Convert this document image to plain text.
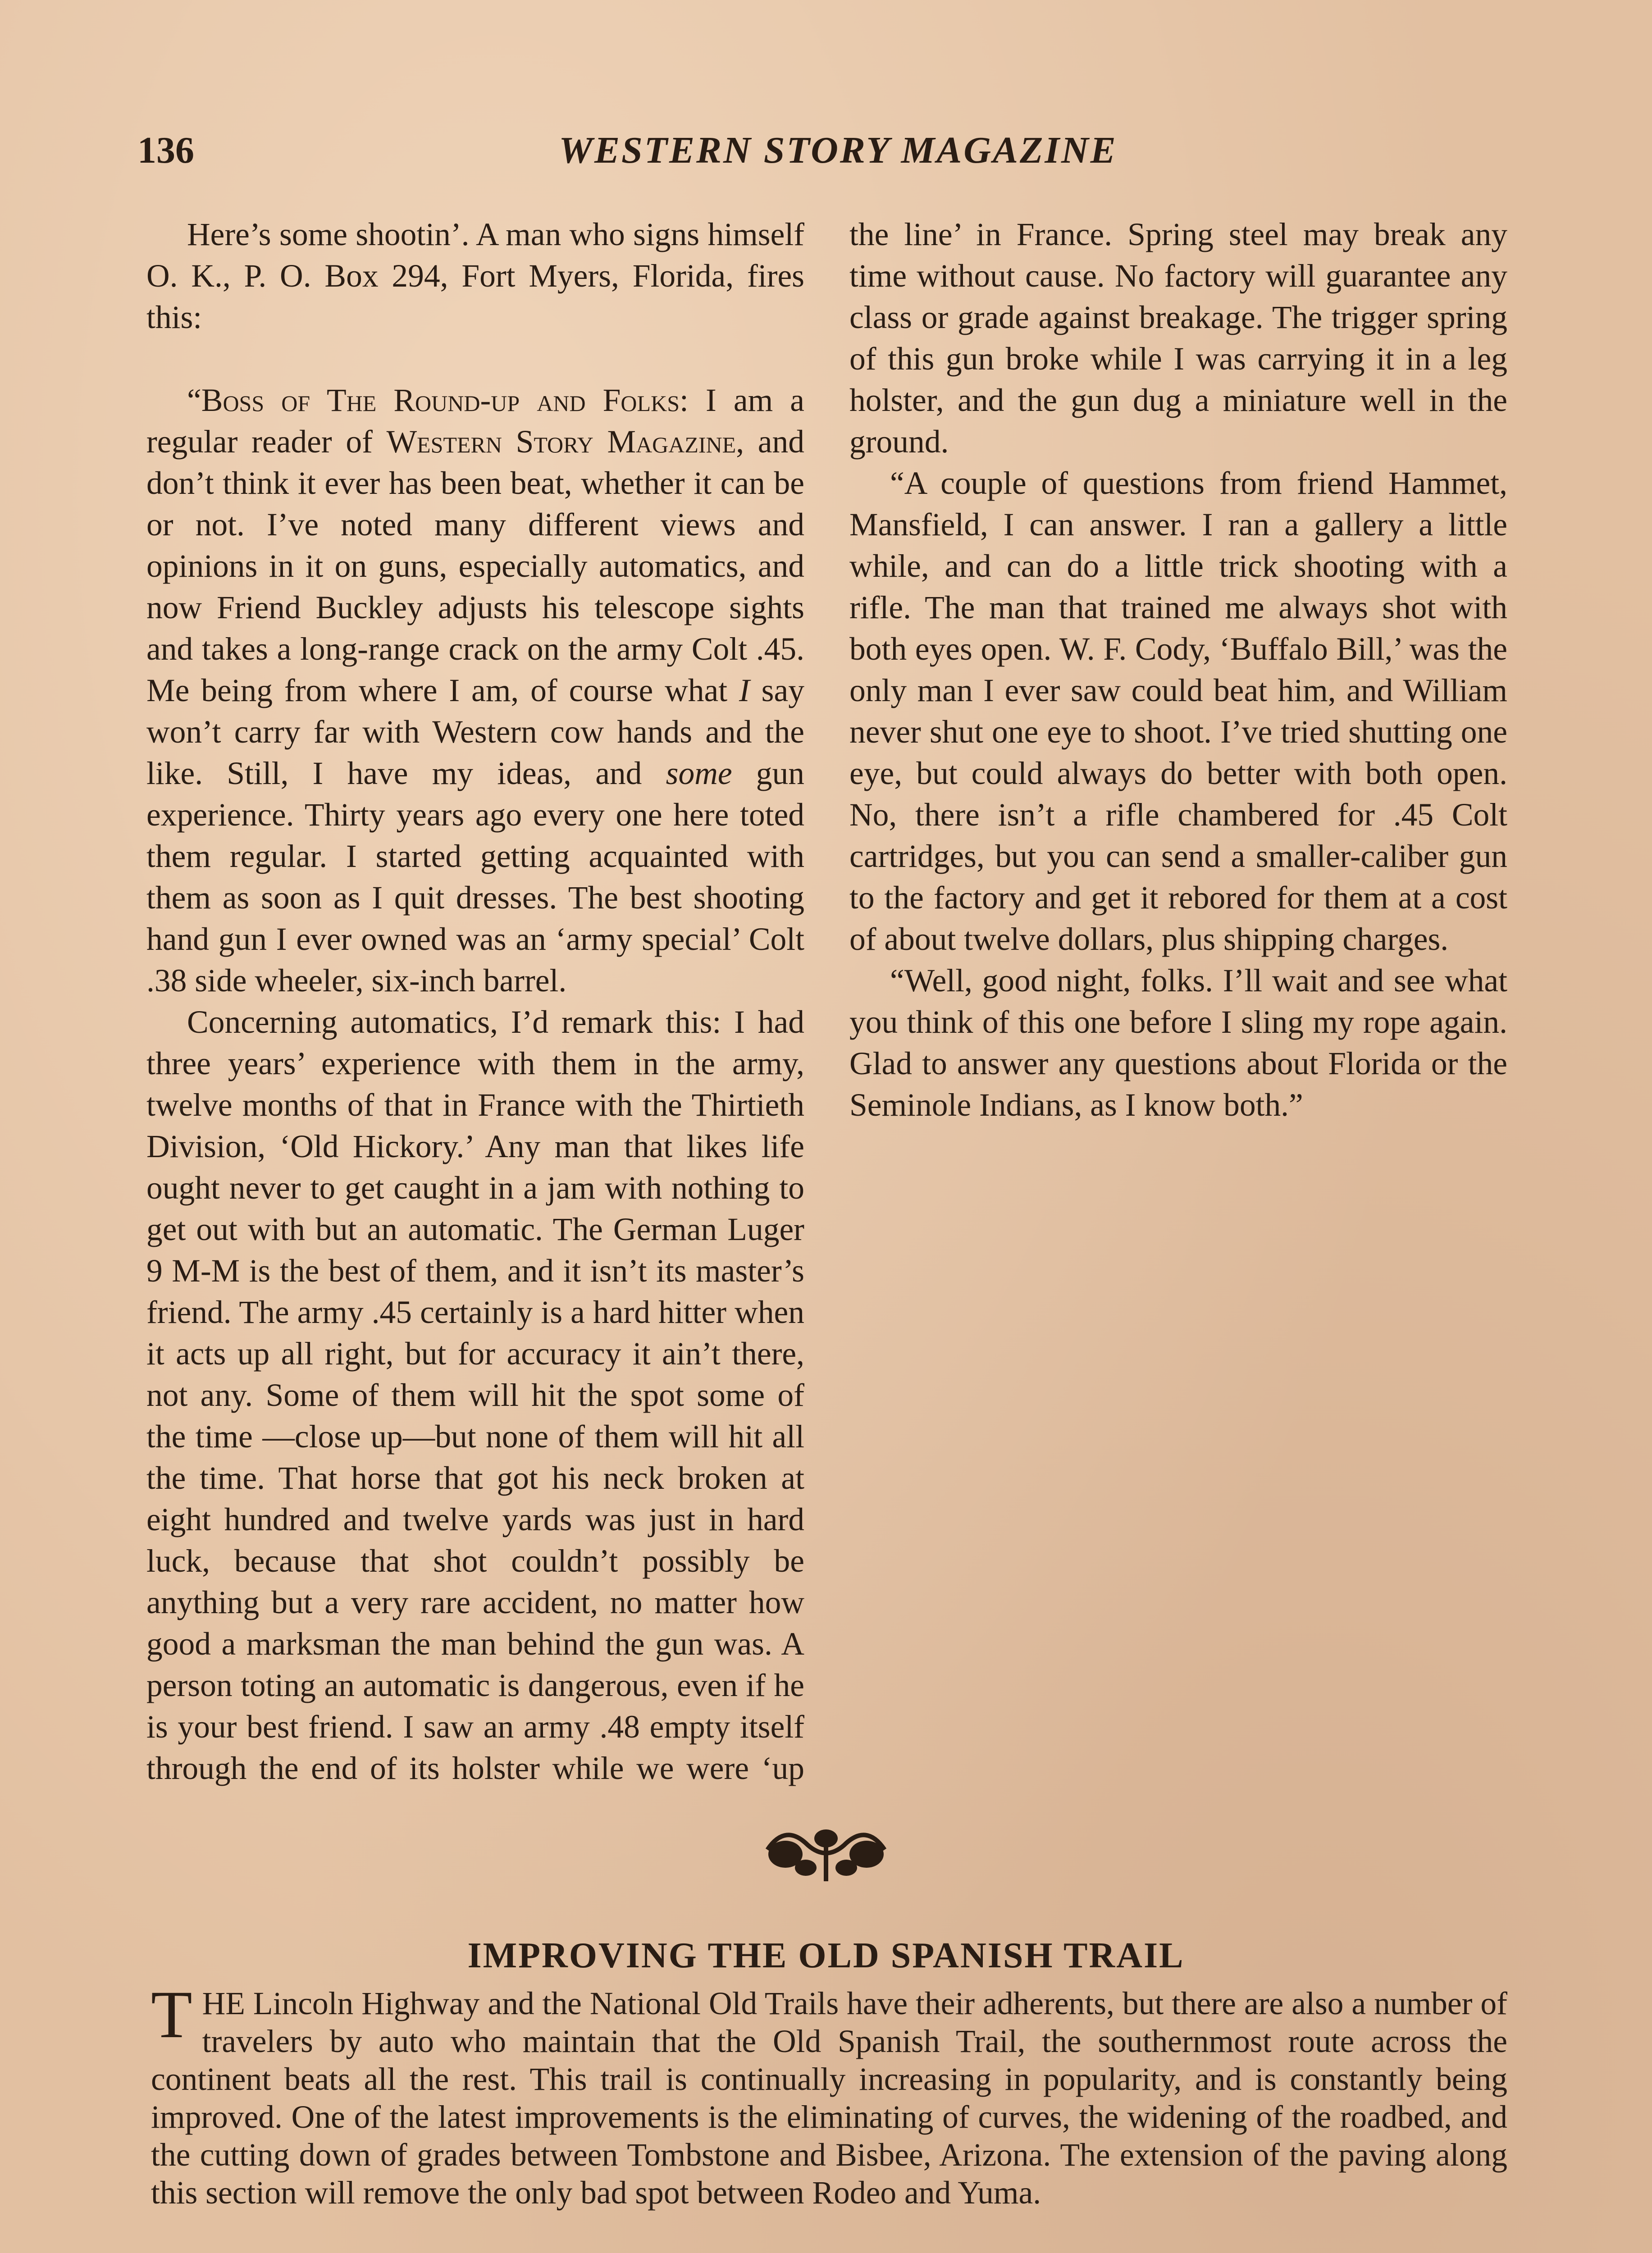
136	WESTERN STORY MAGAZINE

Here’s some shootin’. A man who signs himself O. K., P. O. Box 294, Fort Myers, Florida, fires this:

“Boss of The Round-up and Folks: I am a regular reader of Western Story Magazine, and don’t think it ever has been beat, whether it can be or not. I’ve noted many different views and opinions in it on guns, especially automatics, and now Friend Buckley adjusts his telescope sights and takes a long-range crack on the army Colt .45. Me being from where I am, of course what I say won’t carry far with Western cow hands and the like. Still, I have my ideas, and some gun experience. Thirty years ago every one here toted them regular. I started getting acquainted with them as soon as I quit dresses. The best shooting hand gun I ever owned was an ‘army special’ Colt .38 side wheeler, six-inch barrel.

Concerning automatics, I’d remark this: I had three years’ experience with them in the army, twelve months of that in France with the Thirtieth Division, ‘Old Hickory.’ Any man that likes life ought never to get caught in a jam with nothing to get out with but an automatic. The German Luger 9 M-M is the best of them, and it isn’t its master’s friend. The army .45 certainly is a hard hitter when it acts up all right, but for accuracy it ain’t there, not any. Some of them will hit the spot some of the time —close up—but none of them will hit all the time. That horse that got his neck broken at eight hundred and twelve yards was just in hard luck, because that shot couldn’t possibly be anything but a very rare accident, no matter how good a marksman the man behind the gun was. A person toting an automatic is dangerous, even if he is your best friend. I saw an army .48 empty itself through the end of its holster while we were ‘up

the line’ in France. Spring steel may break any time without cause. No factory will guarantee any class or grade against breakage. The trigger spring of this gun broke while I was carrying it in a leg holster, and the gun dug a miniature well in the ground.

“A couple of questions from friend Hammet, Mansfield, I can answer. I ran a gallery a little while, and can do a little trick shooting with a rifle. The man that trained me always shot with both eyes open. W. F. Cody, ‘Buffalo Bill,’ was the only man I ever saw could beat him, and William never shut one eye to shoot. I’ve tried shutting one eye, but could always do better with both open. No, there isn’t a rifle chambered for .45 Colt cartridges, but you can send a smaller-caliber gun to the factory and get it rebored for them at a cost of about twelve dollars, plus shipping charges.

“Well, good night, folks. I’ll wait and see what you think of this one before I sling my rope again. Glad to answer any questions about Florida or the Seminole Indians, as I know both.”

IMPROVING THE OLD SPANISH TRAIL

THE Lincoln Highway and the National Old Trails have their adherents, but there are also a number of travelers by auto who maintain that the Old Spanish Trail, the southernmost route across the continent beats all the rest. This trail is continually increasing in popularity, and is constantly being improved. One of the latest improvements is the eliminating of curves, the widening of the roadbed, and the cutting down of grades between Tombstone and Bisbee, Arizona. The extension of the paving along this section will remove the only bad spot between Rodeo and Yuma.
